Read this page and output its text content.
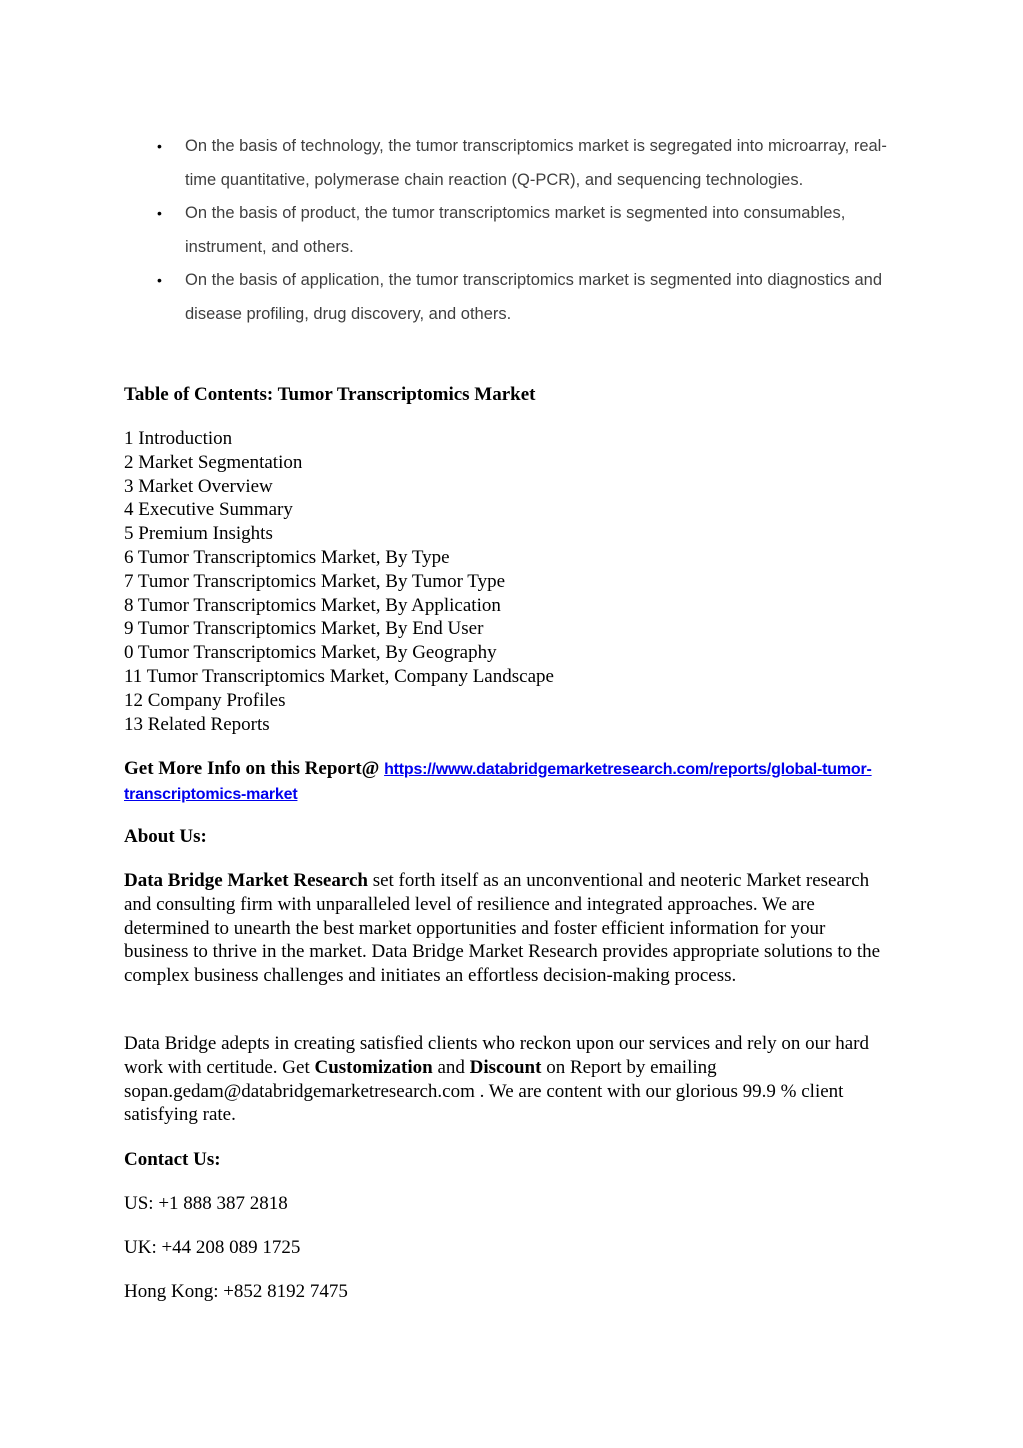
• On the basis of technology, the tumor transcriptomics market is segregated into microarray, real-time quantitative, polymerase chain reaction (Q-PCR), and sequencing technologies.
• On the basis of product, the tumor transcriptomics market is segmented into consumables, instrument, and others.
• On the basis of application, the tumor transcriptomics market is segmented into diagnostics and disease profiling, drug discovery, and others.
Table of Contents: Tumor Transcriptomics Market
1 Introduction
2 Market Segmentation
3 Market Overview
4 Executive Summary
5 Premium Insights
6 Tumor Transcriptomics Market, By Type
7 Tumor Transcriptomics Market, By Tumor Type
8 Tumor Transcriptomics Market, By Application
9 Tumor Transcriptomics Market, By End User
0 Tumor Transcriptomics Market, By Geography
11 Tumor Transcriptomics Market, Company Landscape
12 Company Profiles
13 Related Reports
Get More Info on this Report@ https://www.databridgemarketresearch.com/reports/global-tumor-transcriptomics-market
About Us:
Data Bridge Market Research set forth itself as an unconventional and neoteric Market research and consulting firm with unparalleled level of resilience and integrated approaches. We are determined to unearth the best market opportunities and foster efficient information for your business to thrive in the market. Data Bridge Market Research provides appropriate solutions to the complex business challenges and initiates an effortless decision-making process.
Data Bridge adepts in creating satisfied clients who reckon upon our services and rely on our hard work with certitude. Get Customization and Discount on Report by emailing sopan.gedam@databridgemarketresearch.com . We are content with our glorious 99.9 % client satisfying rate.
Contact Us:
US: +1 888 387 2818
UK: +44 208 089 1725
Hong Kong: +852 8192 7475
